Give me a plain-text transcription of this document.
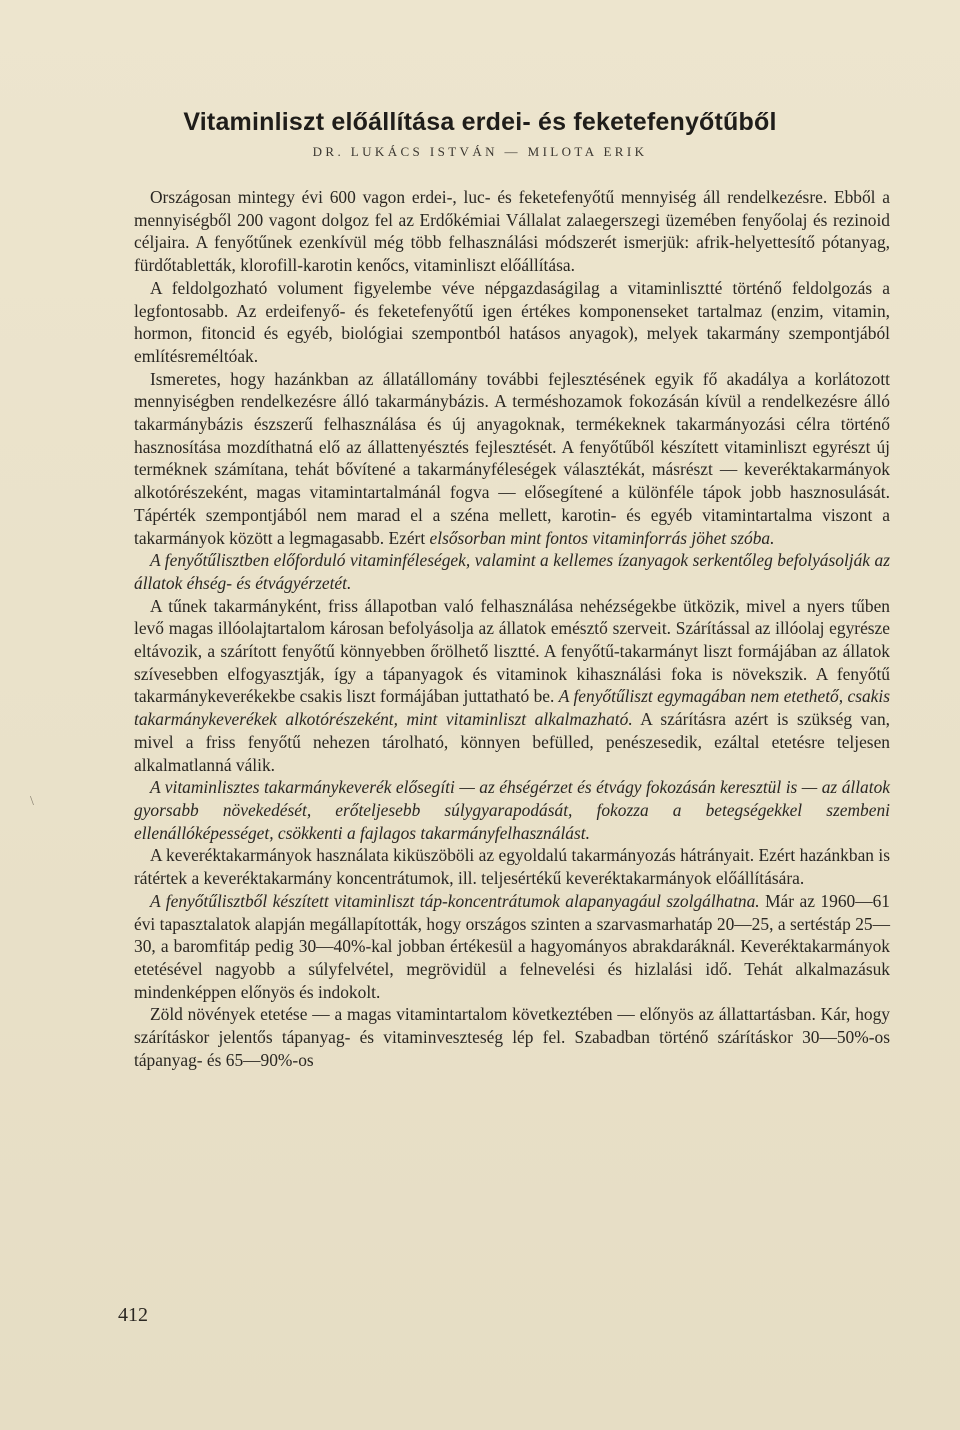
Vitaminliszt előállítása erdei- és feketefenyőtűből
DR. LUKÁCS ISTVÁN — MILOTA ERIK

Országosan mintegy évi 600 vagon erdei-, luc- és feketefenyőtű mennyiség áll rendelkezésre. Ebből a mennyiségből 200 vagont dolgoz fel az Erdőkémiai Vállalat zalaegerszegi üzemében fenyőolaj és rezinoid céljaira. A fenyőtűnek ezenkívül még több felhasználási módszerét ismerjük: afrik-helyettesítő pótanyag, fürdőtabletták, klorofill-karotin kenőcs, vitaminliszt előállítása.

A feldolgozható volument figyelembe véve népgazdaságilag a vitaminlisztté történő feldolgozás a legfontosabb. Az erdeifenyő- és feketefenyőtű igen értékes komponenseket tartalmaz (enzim, vitamin, hormon, fitoncid és egyéb, biológiai szempontból hatásos anyagok), melyek takarmány szempontjából említésreméltóak.

Ismeretes, hogy hazánkban az állatállomány további fejlesztésének egyik fő akadálya a korlátozott mennyiségben rendelkezésre álló takarmánybázis. A terméshozamok fokozásán kívül a rendelkezésre álló takarmánybázis észszerű felhasználása és új anyagoknak, termékeknek takarmányozási célra történő hasznosítása mozdíthatná elő az állattenyésztés fejlesztését. A fenyőtűből készített vitaminliszt egyrészt új terméknek számítana, tehát bővítené a takarmányféleségek választékát, másrészt — keveréktakarmányok alkotórészeként, magas vitamintartalmánál fogva — elősegítené a különféle tápok jobb hasznosulását. Tápérték szempontjából nem marad el a széna mellett, karotin- és egyéb vitamintartalma viszont a takarmányok között a legmagasabb. Ezért elsősorban mint fontos vitaminforrás jöhet szóba.

A fenyőtűlisztben előforduló vitaminféleségek, valamint a kellemes ízanyagok serkentőleg befolyásolják az állatok éhség- és étvágyérzetét.

A tűnek takarmányként, friss állapotban való felhasználása nehézségekbe ütközik, mivel a nyers tűben levő magas illóolajtartalom károsan befolyásolja az állatok emésztő szerveit. Szárítással az illóolaj egyrésze eltávozik, a szárított fenyőtű könnyebben őrölhető lisztté. A fenyőtű-takarmányt liszt formájában az állatok szívesebben elfogyasztják, így a tápanyagok és vitaminok kihasználási foka is növekszik. A fenyőtű takarmánykeverékekbe csakis liszt formájában juttatható be. A fenyőtűliszt egymagában nem etethető, csakis takarmánykeverékek alkotórészeként, mint vitaminliszt alkalmazható. A szárításra azért is szükség van, mivel a friss fenyőtű nehezen tárolható, könnyen befülled, penészesedik, ezáltal etetésre teljesen alkalmatlanná válik.

A vitaminlisztes takarmánykeverék elősegíti — az éhségérzet és étvágy fokozásán keresztül is — az állatok gyorsabb növekedését, erőteljesebb súlygyarapodását, fokozza a betegségekkel szembeni ellenállóképességet, csökkenti a fajlagos takarmányfelhasználást.

A keveréktakarmányok használata kiküszöböli az egyoldalú takarmányozás hátrányait. Ezért hazánkban is rátértek a keveréktakarmány koncentrátumok, ill. teljesértékű keveréktakarmányok előállítására.

A fenyőtűlisztből készített vitaminliszt táp-koncentrátumok alapanyagául szolgálhatna. Már az 1960—61 évi tapasztalatok alapján megállapították, hogy országos szinten a szarvasmarhatáp 20—25, a sertéstáp 25—30, a baromfitáp pedig 30—40%-kal jobban értékesül a hagyományos abrakdaráknál. Keveréktakarmányok etetésével nagyobb a súlyfelvétel, megrövidül a felnevelési és hizlalási idő. Tehát alkalmazásuk mindenképpen előnyös és indokolt.

Zöld növények etetése — a magas vitamintartalom következtében — előnyös az állattartásban. Kár, hogy szárításkor jelentős tápanyag- és vitaminveszteség lép fel. Szabadban történő szárításkor 30—50%-os tápanyag- és 65—90%-os

\
412
